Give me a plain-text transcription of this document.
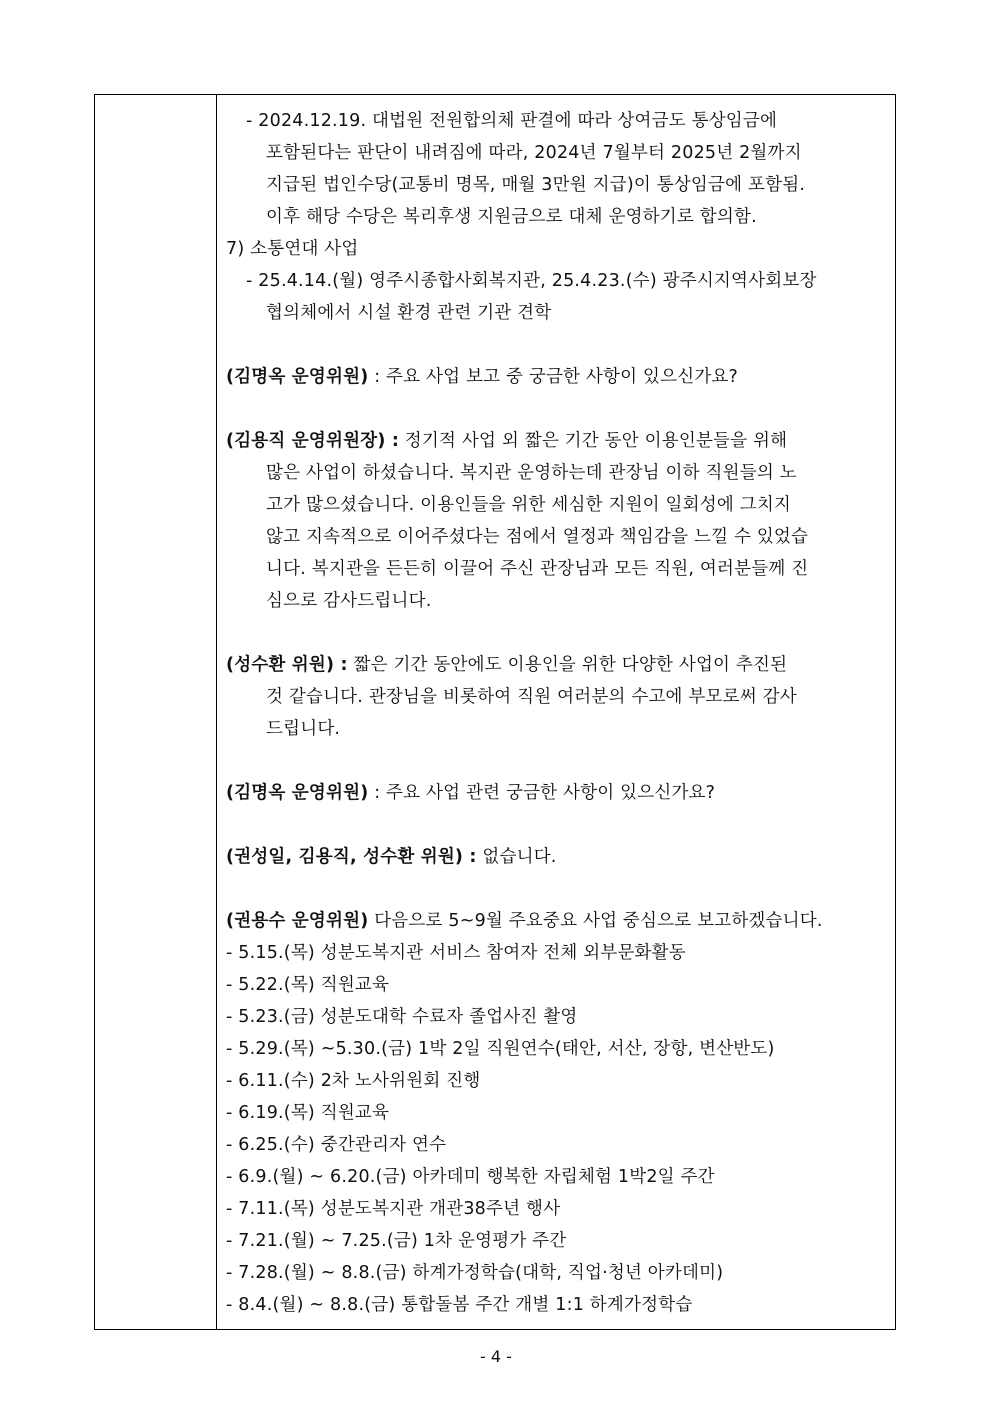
- 2024.12.19. 대법원 전원합의체 판결에 따라 상여금도 통상임금에
포함된다는 판단이 내려짐에 따라, 2024년 7월부터 2025년 2월까지
지급된 법인수당(교통비 명목, 매월 3만원 지급)이 통상임금에 포함됨.
이후 해당 수당은 복리후생 지원금으로 대체 운영하기로 합의함.
7) 소통연대 사업
- 25.4.14.(월) 영주시종합사회복지관, 25.4.23.(수) 광주시지역사회보장
협의체에서 시설 환경 관련 기관 견학
(김명옥 운영위원) : 주요 사업 보고 중 궁금한 사항이 있으신가요?
(김용직 운영위원장) : 정기적 사업 외 짧은 기간 동안 이용인분들을 위해
많은 사업이 하셨습니다. 복지관 운영하는데 관장님 이하 직원들의 노
고가 많으셨습니다. 이용인들을 위한 세심한 지원이 일회성에 그치지
않고 지속적으로 이어주셨다는 점에서 열정과 책임감을 느낄 수 있었습
니다. 복지관을 든든히 이끌어 주신 관장님과 모든 직원, 여러분들께 진
심으로 감사드립니다.
(성수환 위원) : 짧은 기간 동안에도 이용인을 위한 다양한 사업이 추진된
것 같습니다. 관장님을 비롯하여 직원 여러분의 수고에 부모로써 감사
드립니다.
(김명옥 운영위원) : 주요 사업 관련 궁금한 사항이 있으신가요?
(권성일, 김용직, 성수환 위원) : 없습니다.
(권용수 운영위원) 다음으로 5~9월 주요중요 사업 중심으로 보고하겠습니다.
- 5.15.(목) 성분도복지관 서비스 참여자 전체 외부문화활동
- 5.22.(목) 직원교육
- 5.23.(금) 성분도대학 수료자 졸업사진 촬영
- 5.29.(목) ~5.30.(금) 1박 2일 직원연수(태안, 서산, 장항, 변산반도)
- 6.11.(수) 2차 노사위원회 진행
- 6.19.(목) 직원교육
- 6.25.(수) 중간관리자 연수
- 6.9.(월) ~ 6.20.(금) 아카데미 행복한 자립체험 1박2일 주간
- 7.11.(목) 성분도복지관 개관38주년 행사
- 7.21.(월) ~ 7.25.(금) 1차 운영평가 주간
- 7.28.(월) ~ 8.8.(금) 하계가정학습(대학, 직업·청년 아카데미)
- 8.4.(월) ~ 8.8.(금) 통합돌봄 주간 개별 1:1 하계가정학습
- 4 -
